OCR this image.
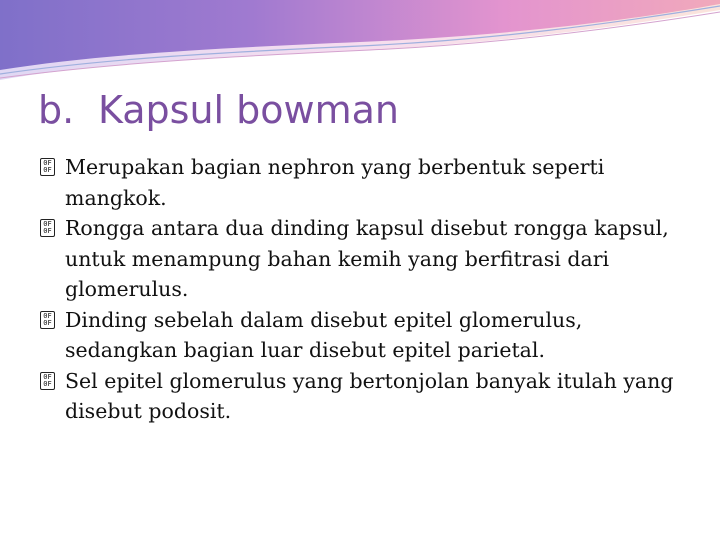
b. Kapsul bowman
0F 0F
Merupakan bagian nephron yang berbentuk seperti mangkok.
0F 0F
Rongga antara dua dinding kapsul disebut rongga kapsul, untuk menampung bahan kemih yang berfitrasi dari glomerulus.
0F 0F
Dinding sebelah dalam disebut epitel glomerulus, sedangkan bagian luar disebut epitel parietal.
0F 0F
Sel epitel glomerulus yang bertonjolan banyak itulah yang disebut podosit.
